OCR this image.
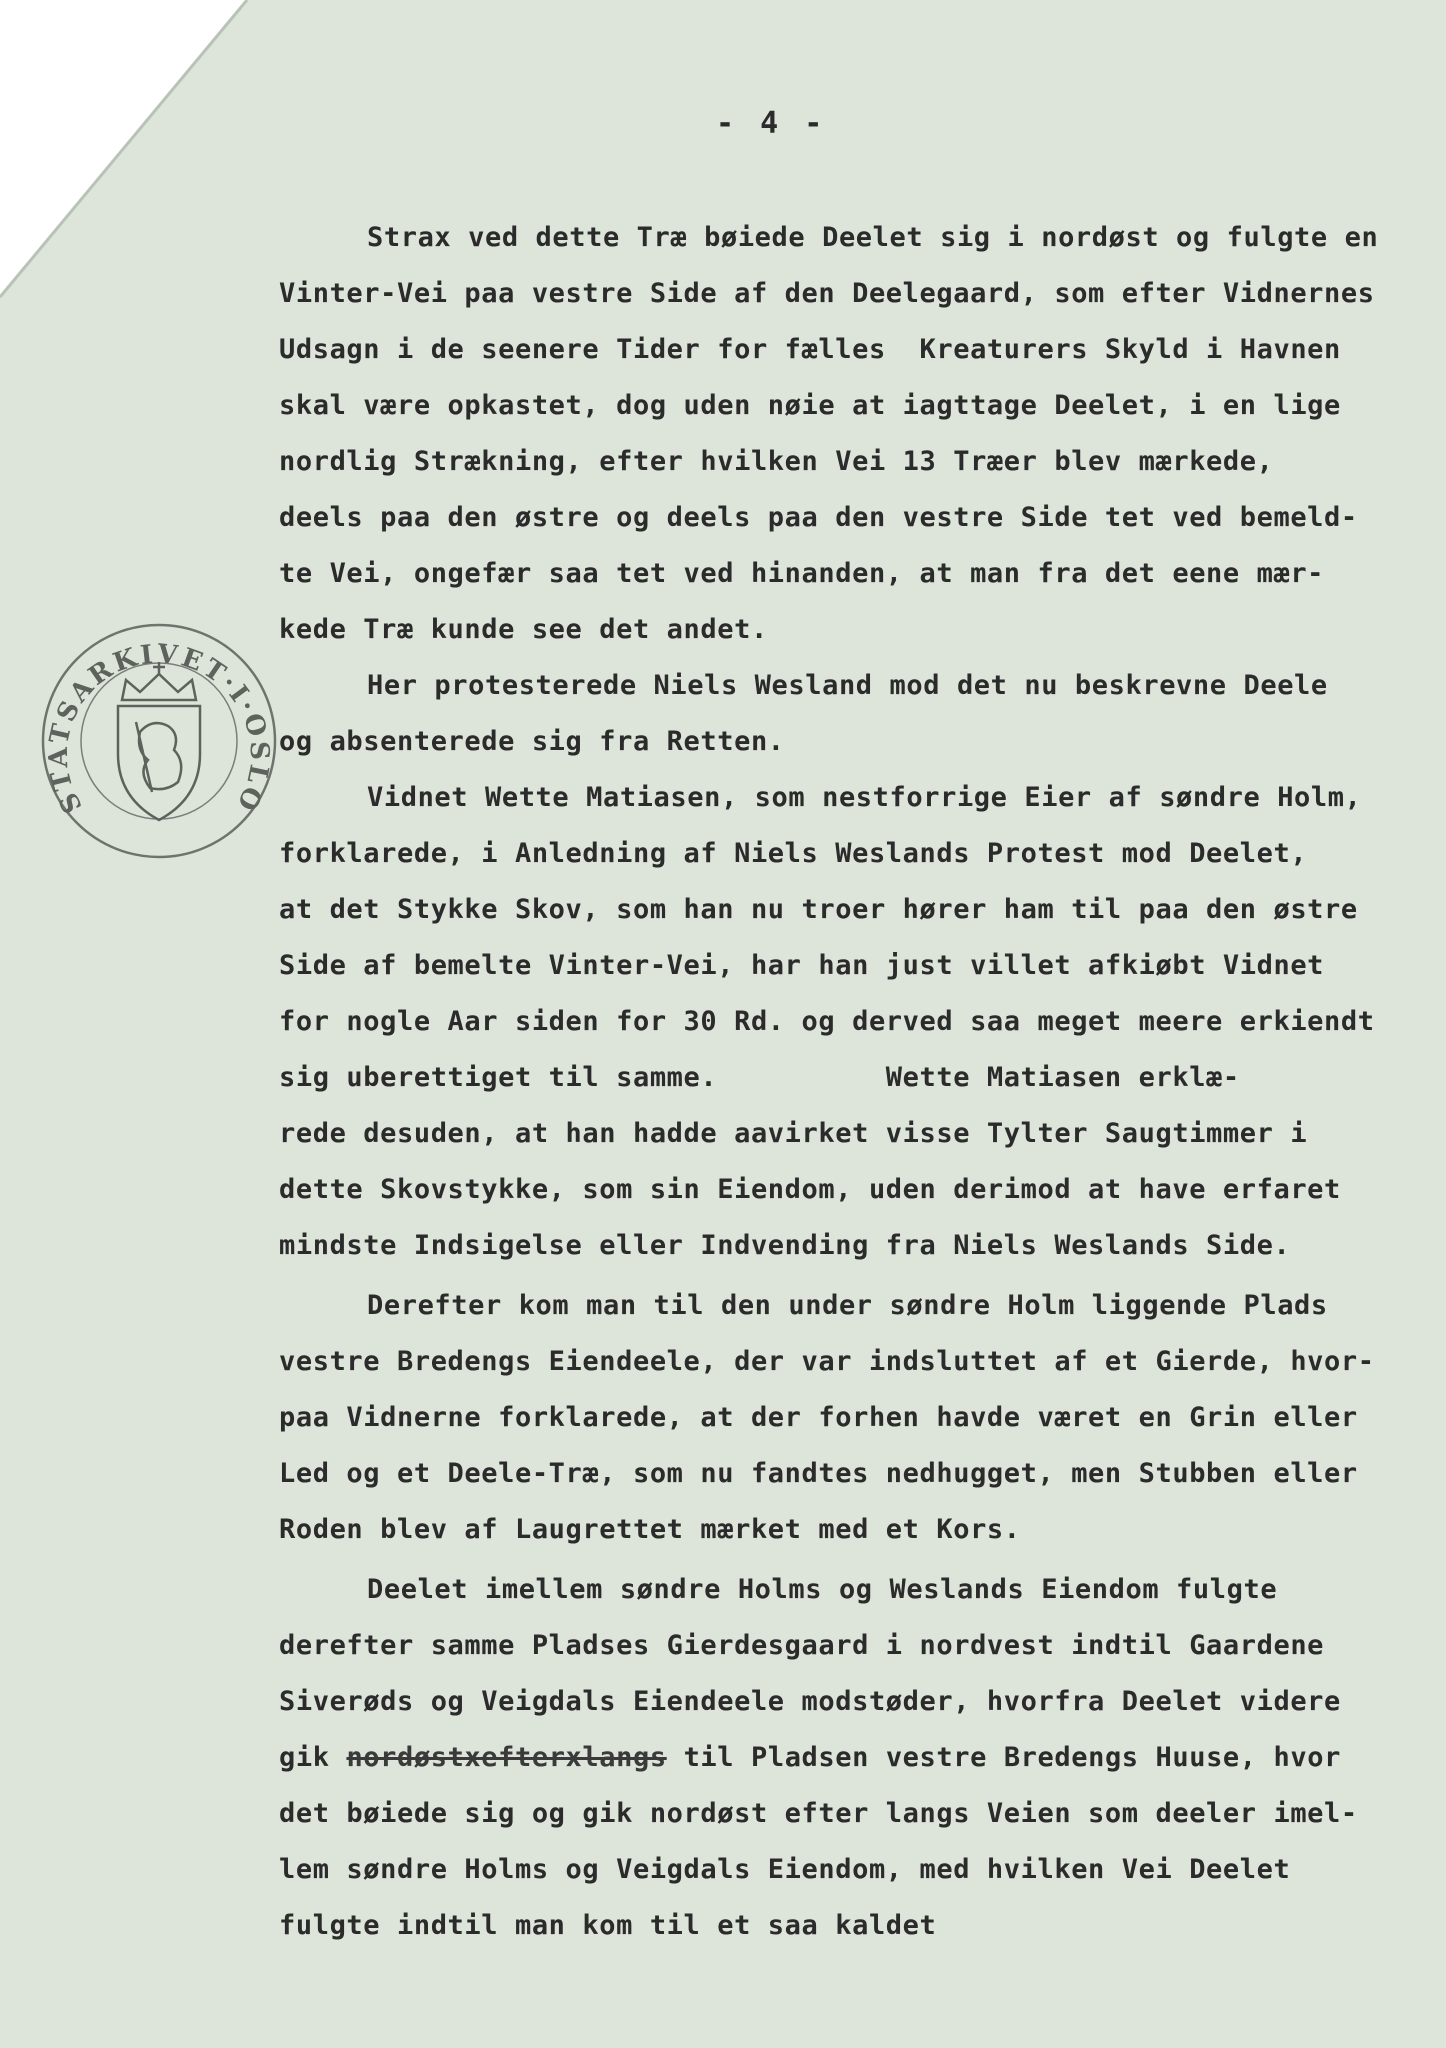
- 4 -
STATSARKIVET·I·OSLO
Strax ved dette Træ bøiede Deelet sig i nordøst og fulgte en
Vinter-Vei paa vestre Side af den Deelegaard, som efter Vidnernes
Udsagn i de seenere Tider for fælles  Kreaturers Skyld i Havnen
skal være opkastet, dog uden nøie at iagttage Deelet, i en lige
nordlig Strækning, efter hvilken Vei 13 Træer blev mærkede,
deels paa den østre og deels paa den vestre Side tet ved bemeld-
te Vei, ongefær saa tet ved hinanden, at man fra det eene mær-
kede Træ kunde see det andet.
Her protesterede Niels Wesland mod det nu beskrevne Deele
og absenterede sig fra Retten.
Vidnet Wette Matiasen, som nestforrige Eier af søndre Holm,
forklarede, i Anledning af Niels Weslands Protest mod Deelet,
at det Stykke Skov, som han nu troer hører ham til paa den østre
Side af bemelte Vinter-Vei, har han just villet afkiøbt Vidnet
for nogle Aar siden for 30 Rd. og derved saa meget meere erkiendt
sig uberettiget til samme.          Wette Matiasen erklæ-
rede desuden, at han hadde aavirket visse Tylter Saugtimmer i
dette Skovstykke, som sin Eiendom, uden derimod at have erfaret
mindste Indsigelse eller Indvending fra Niels Weslands Side.
Derefter kom man til den under søndre Holm liggende Plads
vestre Bredengs Eiendeele, der var indsluttet af et Gierde, hvor-
paa Vidnerne forklarede, at der forhen havde været en Grin eller
Led og et Deele-Træ, som nu fandtes nedhugget, men Stubben eller
Roden blev af Laugrettet mærket med et Kors.
Deelet imellem søndre Holms og Weslands Eiendom fulgte
derefter samme Pladses Gierdesgaard i nordvest indtil Gaardene
Siverøds og Veigdals Eiendeele modstøder, hvorfra Deelet videre
gik nordøstxefterxlangs til Pladsen vestre Bredengs Huuse, hvor
det bøiede sig og gik nordøst efter langs Veien som deeler imel-
lem søndre Holms og Veigdals Eiendom, med hvilken Vei Deelet
fulgte indtil man kom til et saa kaldet
